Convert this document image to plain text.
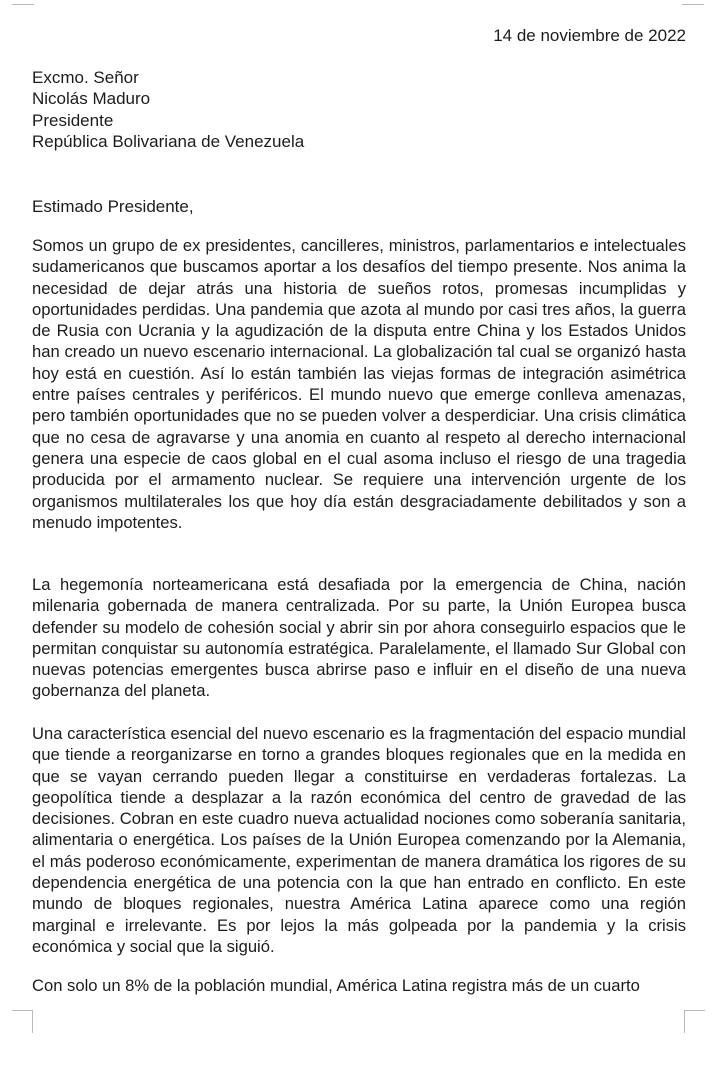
14 de noviembre de 2022
Excmo. Señor
Nicolás Maduro
Presidente
República Bolivariana de Venezuela
Estimado Presidente,

Somos un grupo de ex presidentes, cancilleres, ministros, parlamentarios e intelectuales sudamericanos que buscamos aportar a los desafíos del tiempo presente. Nos anima la necesidad de dejar atrás una historia de sueños rotos, promesas incumplidas y oportunidades perdidas. Una pandemia que azota al mundo por casi tres años, la guerra de Rusia con Ucrania y la agudización de la disputa entre China y los Estados Unidos han creado un nuevo escenario internacional. La globalización tal cual se organizó hasta hoy está en cuestión. Así lo están también las viejas formas de integración asimétrica entre países centrales y periféricos. El mundo nuevo que emerge conlleva amenazas, pero también oportunidades que no se pueden volver a desperdiciar. Una crisis climática que no cesa de agravarse y una anomia en cuanto al respeto al derecho internacional genera una especie de caos global en el cual asoma incluso el riesgo de una tragedia producida por el armamento nuclear. Se requiere una intervención urgente de los organismos multilaterales los que hoy día están desgraciadamente debilitados y son a menudo impotentes.

La hegemonía norteamericana está desafiada por la emergencia de China, nación milenaria gobernada de manera centralizada. Por su parte, la Unión Europea busca defender su modelo de cohesión social y abrir sin por ahora conseguirlo espacios que le permitan conquistar su autonomía estratégica. Paralelamente, el llamado Sur Global con nuevas potencias emergentes busca abrirse paso e influir en el diseño de una nueva gobernanza del planeta.

Una característica esencial del nuevo escenario es la fragmentación del espacio mundial que tiende a reorganizarse en torno a grandes bloques regionales que en la medida en que se vayan cerrando pueden llegar a constituirse en verdaderas fortalezas. La geopolítica tiende a desplazar a la razón económica del centro de gravedad de las decisiones. Cobran en este cuadro nueva actualidad nociones como soberanía sanitaria, alimentaria o energética. Los países de la Unión Europea comenzando por la Alemania, el más poderoso económicamente, experimentan de manera dramática los rigores de su dependencia energética de una potencia con la que han entrado en conflicto. En este mundo de bloques regionales, nuestra América Latina aparece como una región marginal e irrelevante. Es por lejos la más golpeada por la pandemia y la crisis económica y social que la siguió.

Con solo un 8% de la población mundial, América Latina registra más de un cuarto
